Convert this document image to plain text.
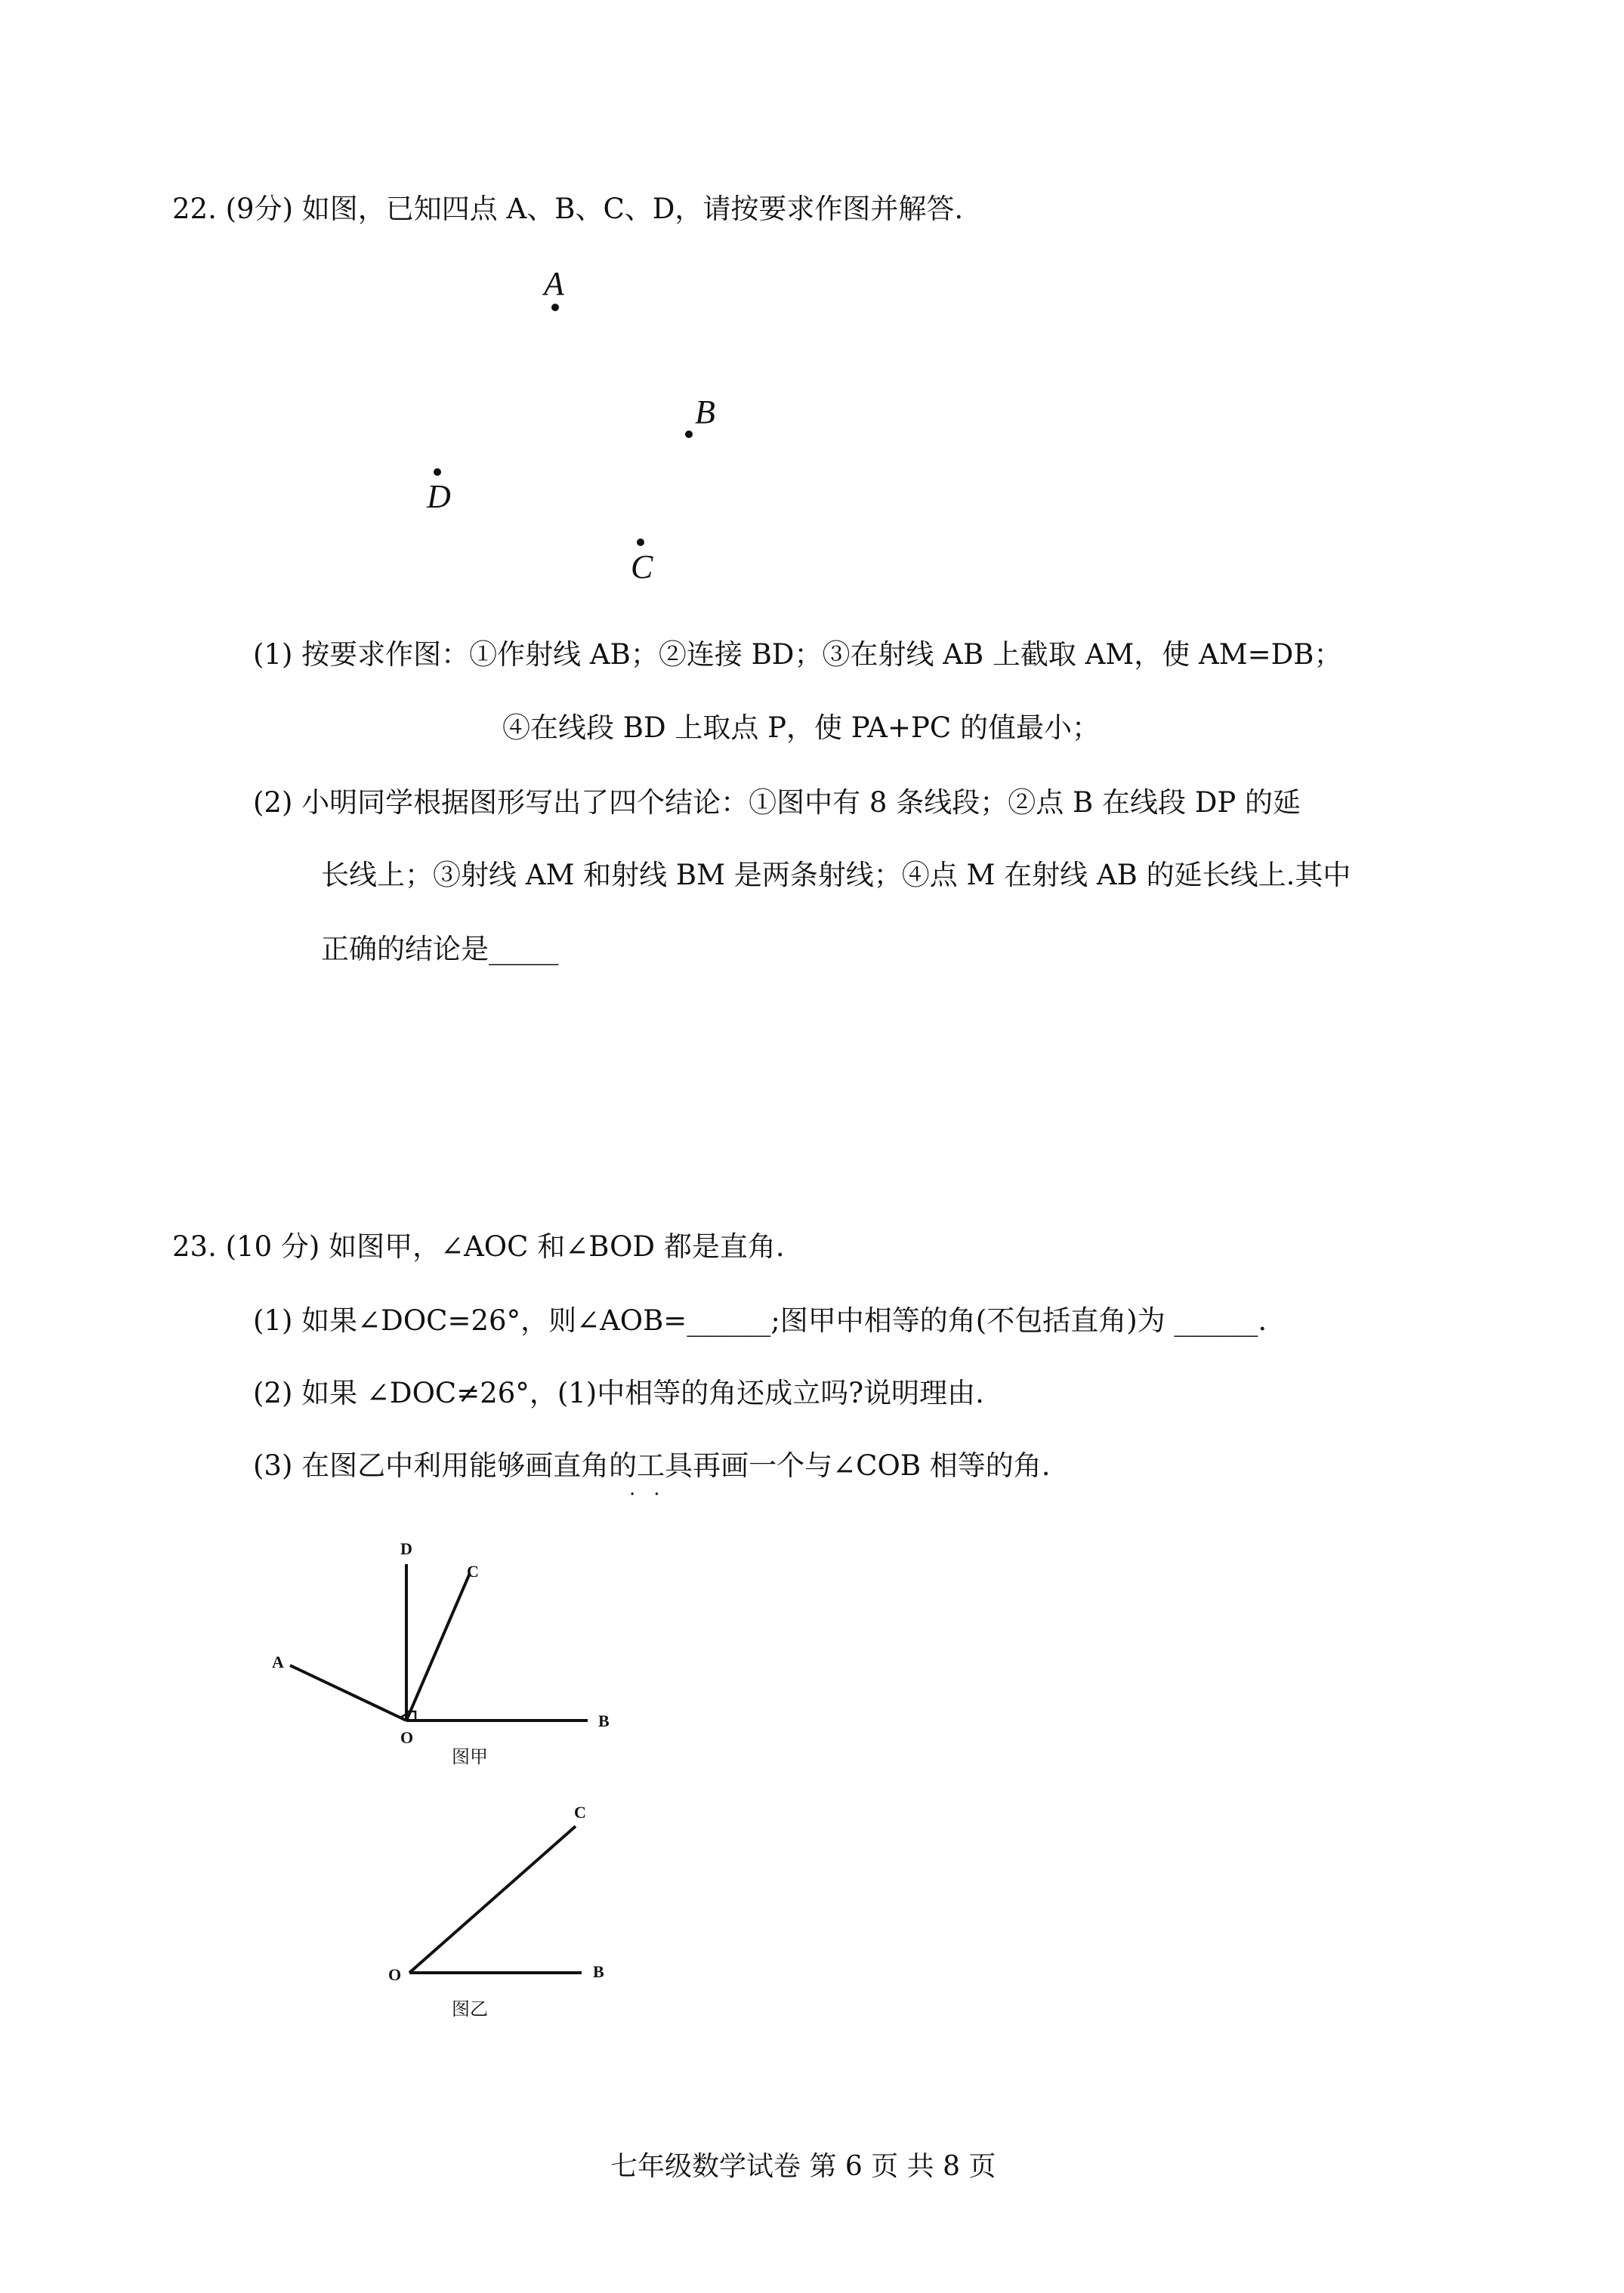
22. (9分) 如图，已知四点 A、B、C、D，请按要求作图并解答.
A
B
D
C
(1) 按要求作图：①作射线 AB；②连接 BD；③在射线 AB 上截取 AM，使 AM=DB；
④在线段 BD 上取点 P，使 PA+PC 的值最小；
(2) 小明同学根据图形写出了四个结论：①图中有 8 条线段；②点 B 在线段 DP 的延
长线上；③射线 AM 和射线 BM 是两条射线；④点 M 在射线 AB 的延长线上.其中
正确的结论是_____
23. (10 分) 如图甲，∠AOC 和∠BOD 都是直角.
(1) 如果∠DOC=26°，则∠AOB=______;图甲中相等的角(不包括直角)为 ______.
(2) 如果 ∠DOC≠26°，(1)中相等的角还成立吗?说明理由.
(3) 在图乙中利用能够画直角的工具再画一个与∠COB 相等的角.
··
D
C
A
O
B
图甲
C
O	B
图乙
七年级数学试卷 第 6 页 共 8 页
